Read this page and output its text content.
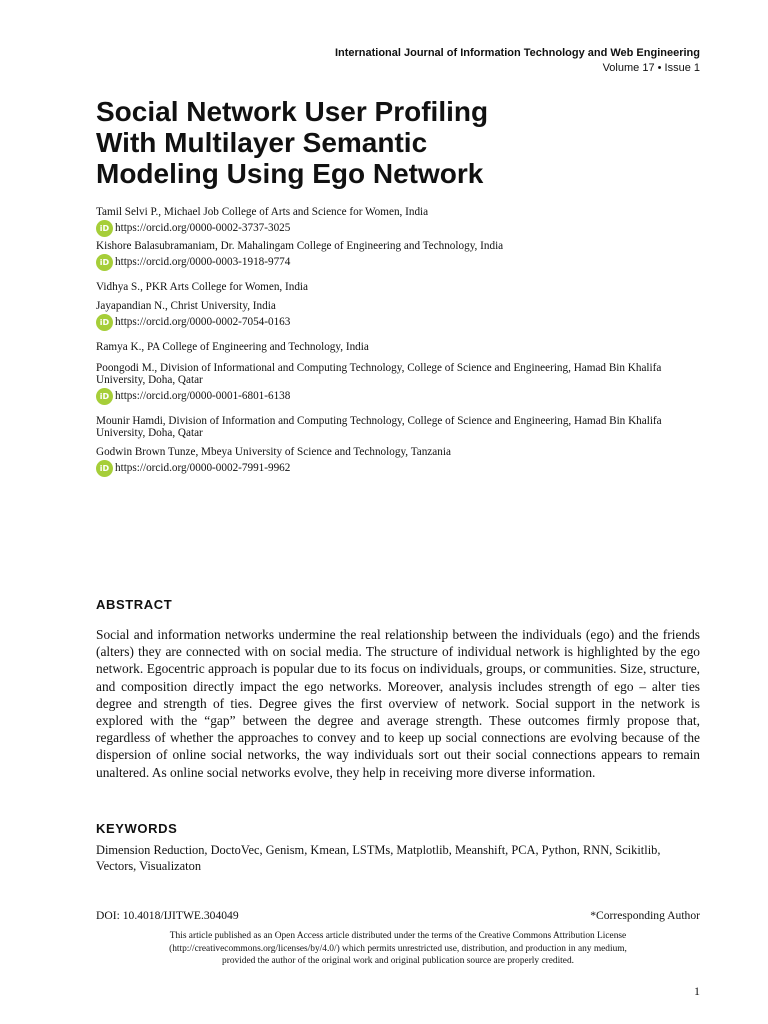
International Journal of Information Technology and Web Engineering
Volume 17 • Issue 1
Social Network User Profiling With Multilayer Semantic Modeling Using Ego Network

Tamil Selvi P., Michael Job College of Arts and Science for Women, India

iD https://orcid.org/0000-0002-3737-3025

Kishore Balasubramaniam, Dr. Mahalingam College of Engineering and Technology, India

iD https://orcid.org/0000-0003-1918-9774

Vidhya S., PKR Arts College for Women, India

Jayapandian N., Christ University, India

iD https://orcid.org/0000-0002-7054-0163

Ramya K., PA College of Engineering and Technology, India

Poongodi M., Division of Informational and Computing Technology, College of Science and Engineering, Hamad Bin Khalifa University, Doha, Qatar

iD https://orcid.org/0000-0001-6801-6138

Mounir Hamdi, Division of Information and Computing Technology, College of Science and Engineering, Hamad Bin Khalifa University, Doha, Qatar

Godwin Brown Tunze, Mbeya University of Science and Technology, Tanzania

iD https://orcid.org/0000-0002-7991-9962
ABSTRACT

Social and information networks undermine the real relationship between the individuals (ego) and the friends (alters) they are connected with on social media. The structure of individual network is highlighted by the ego network. Egocentric approach is popular due to its focus on individuals, groups, or communities. Size, structure, and composition directly impact the ego networks. Moreover, analysis includes strength of ego – alter ties degree and strength of ties. Degree gives the first overview of network. Social support in the network is explored with the “gap” between the degree and average strength. These outcomes firmly propose that, regardless of whether the approaches to convey and to keep up social connections are evolving because of the dispersion of online social networks, the way individuals sort out their social connections appears to remain unaltered. As online social networks evolve, they help in receiving more diverse information.

KEYWORDS

Dimension Reduction, DoctoVec, Genism, Kmean, LSTMs, Matplotlib, Meanshift, PCA, Python, RNN, Scikitlib, Vectors, Visualizaton

DOI: 10.4018/IJITWE.304049	*Corresponding Author

This article published as an Open Access article distributed under the terms of the Creative Commons Attribution License
(http://creativecommons.org/licenses/by/4.0/) which permits unrestricted use, distribution, and production in any medium,
provided the author of the original work and original publication source are properly credited.

1
